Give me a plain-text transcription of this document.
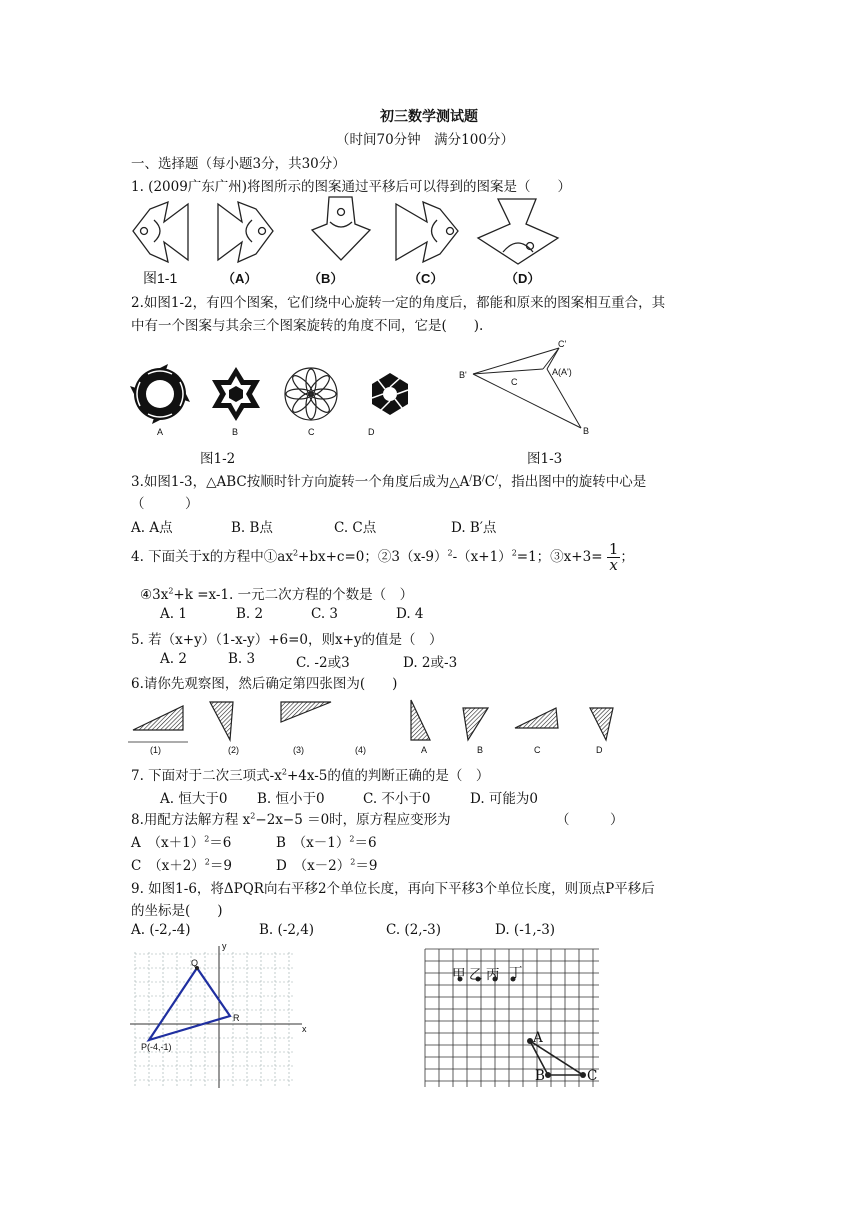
初三数学测试题
（时间70分钟　满分100分）
一、选择题（每小题3分，共30分）
1. (2009广东广州)将图所示的图案通过平移后可以得到的图案是（　　）
图1-1	（A）	（B）	（C）	（D）
2.如图1-2，有四个图案，它们绕中心旋转一定的角度后，都能和原来的图案相互重合，其
中有一个图案与其余三个图案旋转的角度不同，它是(　　).
A	B	C	D
B'
C'
C
A(A')
B
图1-2	图1-3
3.如图1-3，△ABC按顺时针方向旋转一个角度后成为△A/B/C/，指出图中的旋转中心是
（　　　）
A. A点	B. B点	C. C点	D. B′点
4. 下面关于x的方程中$①ax^2+bx+c=0$；$②3(x-9)^2-(x+1)^2=1$；③x+3= $\frac{1}{x}$ ；
$④3x^2+k =x-1$. 一元二次方程的个数是（　）
A. 1	B. 2	C. 3	D. 4
5. 若（x+y）（1-x-y）+6=0，则x+y的值是（　）
A. 2	B. 3	C. -2或3	D. 2或-3
6.请你先观察图，然后确定第四张图为(　　)
(1)	(2)	(3)	(4)	A	B	C	D
7. 下面对于二次三项式$-x^2+4x-5$的值的判断正确的是（　）
A. 恒大于0 B. 恒小于0	C. 不小于0	D. 可能为0
8.用配方法解方程 $x^2-2x-5 =0$时，原方程应变形为	（　　　）
A　$(x+1)^2=6$	B　$(x-1)^2=6$
C　$(x+2)^2=9$	D　$(x-2)^2=9$
9. 如图1-6，将ΔPQR向右平移2个单位长度，再向下平移3个单位长度，则顶点P平移后
的坐标是(　　)
A. (-2,-4)	B. (-2,4)	C. (2,-3)	D. (-1,-3)
Q
R
P(-4,-1)
x
y
甲 乙 丙 丁
A
B	C
